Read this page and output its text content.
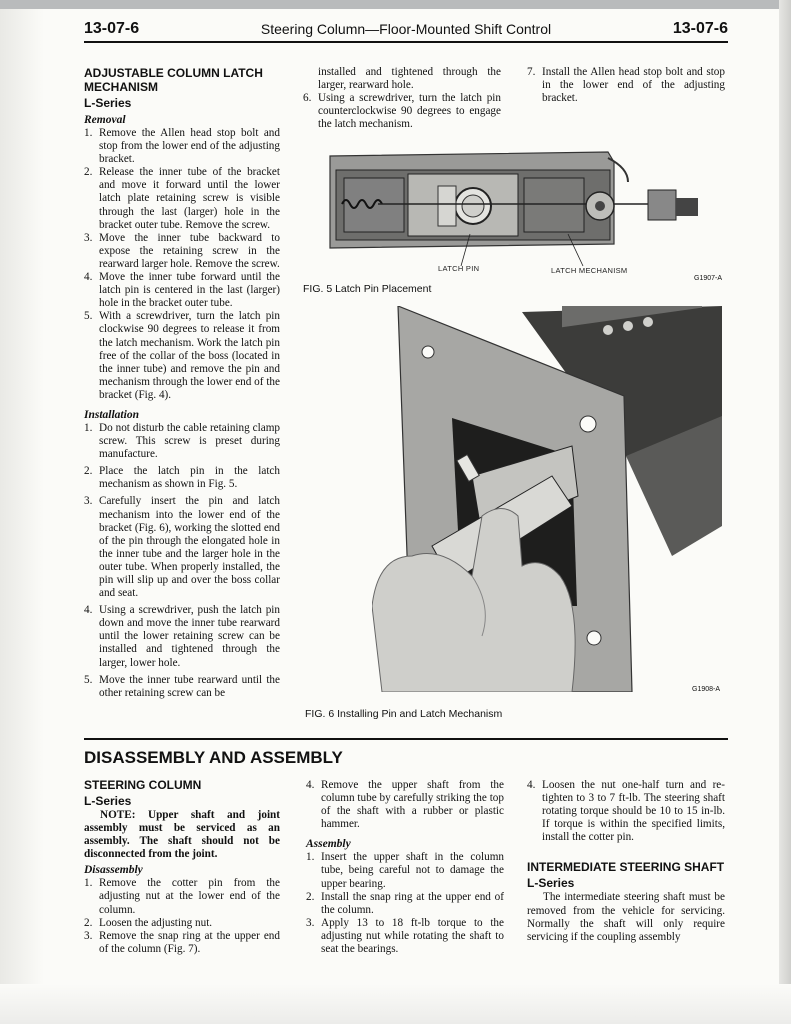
13-07-6	Steering Column—Floor-Mounted Shift Control	13-07-6
ADJUSTABLE COLUMN LATCH MECHANISM
L-Series
Removal
1. Remove the Allen head stop bolt and stop from the lower end of the adjusting bracket.
2. Release the inner tube of the bracket and move it forward until the lower latch plate retaining screw is visible through the last (larger) hole in the bracket outer tube. Remove the screw.
3. Move the inner tube backward to expose the retaining screw in the rearward larger hole. Remove the screw.
4. Move the inner tube forward until the latch pin is centered in the last (larger) hole in the bracket outer tube.
5. With a screwdriver, turn the latch pin clockwise 90 degrees to release it from the latch mechanism. Work the latch pin free of the collar of the boss (located in the inner tube) and remove the pin and mechanism through the lower end of the bracket (Fig. 4).
Installation
1. Do not disturb the cable retaining clamp screw. This screw is preset during manufacture.
2. Place the latch pin in the latch mechanism as shown in Fig. 5.
3. Carefully insert the pin and latch mechanism into the lower end of the bracket (Fig. 6), working the slotted end of the pin through the elongated hole in the inner tube and the larger hole in the outer tube. When properly installed, the pin will slip up and over the boss collar and seat.
4. Using a screwdriver, push the latch pin down and move the inner tube rearward until the lower retaining screw can be installed and tightened through the larger, lower hole.
5. Move the inner tube rearward until the other retaining screw can be

installed and tightened through the larger, rearward hole.

6. Using a screwdriver, turn the latch pin counterclockwise 90 degrees to engage the latch mechanism.
7. Install the Allen head stop bolt and stop in the lower end of the adjusting bracket.
LATCH PIN	LATCH MECHANISM
G1907-A
FIG. 5 Latch Pin Placement
G1908-A
FIG. 6 Installing Pin and Latch Mechanism
DISASSEMBLY AND ASSEMBLY
STEERING COLUMN
L-Series

NOTE: Upper shaft and joint assembly must be serviced as an assembly. The shaft should not be disconnected from the joint.

Disassembly
1. Remove the cotter pin from the adjusting nut at the lower end of the column.
2. Loosen the adjusting nut.
3. Remove the snap ring at the upper end of the column (Fig. 7).
4. Remove the upper shaft from the column tube by carefully striking the top of the shaft with a rubber or plastic hammer.
Assembly
1. Insert the upper shaft in the column tube, being careful not to damage the upper bearing.
2. Install the snap ring at the upper end of the column.
3. Apply 13 to 18 ft-lb torque to the adjusting nut while rotating the shaft to seat the bearings.
4. Loosen the nut one-half turn and re-tighten to 3 to 7 ft-lb. The steering shaft rotating torque should be 10 to 15 in-lb. If torque is within the specified limits, install the cotter pin.
INTERMEDIATE STEERING SHAFT
L-Series

The intermediate steering shaft must be removed from the vehicle for servicing. Normally the shaft will only require servicing if the coupling assembly
